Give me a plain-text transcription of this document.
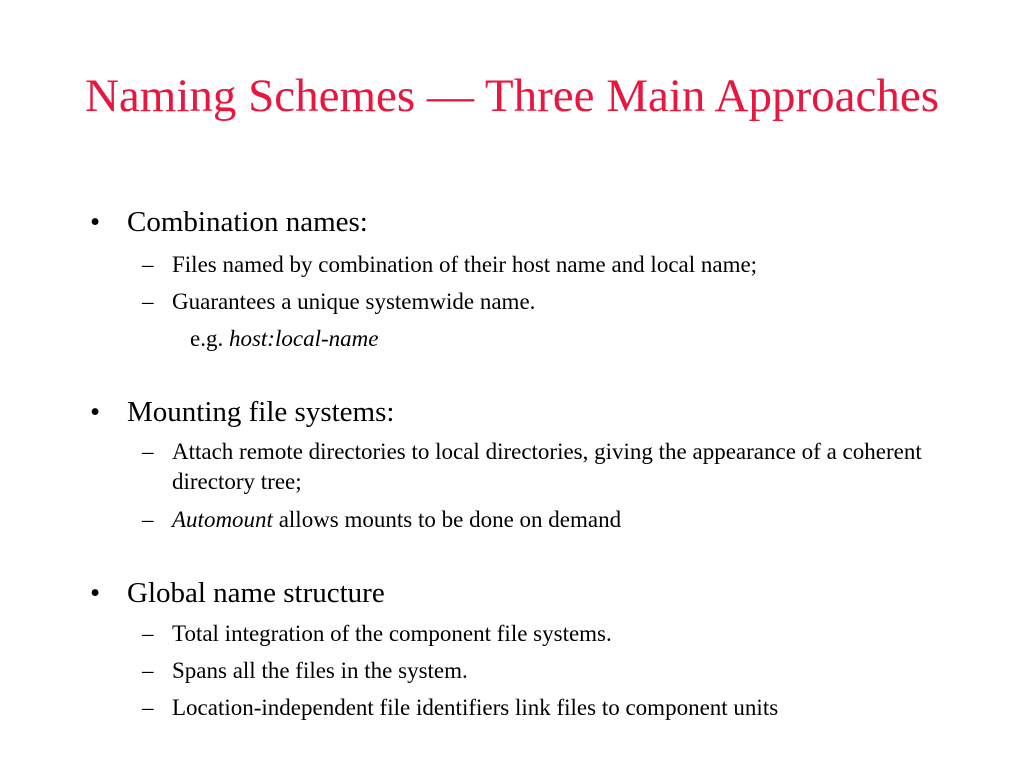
Naming Schemes — Three Main Approaches
• Combination names:
– Files named by combination of their host name and local name;
– Guarantees a unique systemwide name.
e.g. host:local-name
• Mounting file systems:
– Attach remote directories to local directories, giving the appearance of a coherent directory tree;
– Automount allows mounts to be done on demand
• Global name structure
– Total integration of the component file systems.
– Spans all the files in the system.
– Location-independent file identifiers link files to component units
